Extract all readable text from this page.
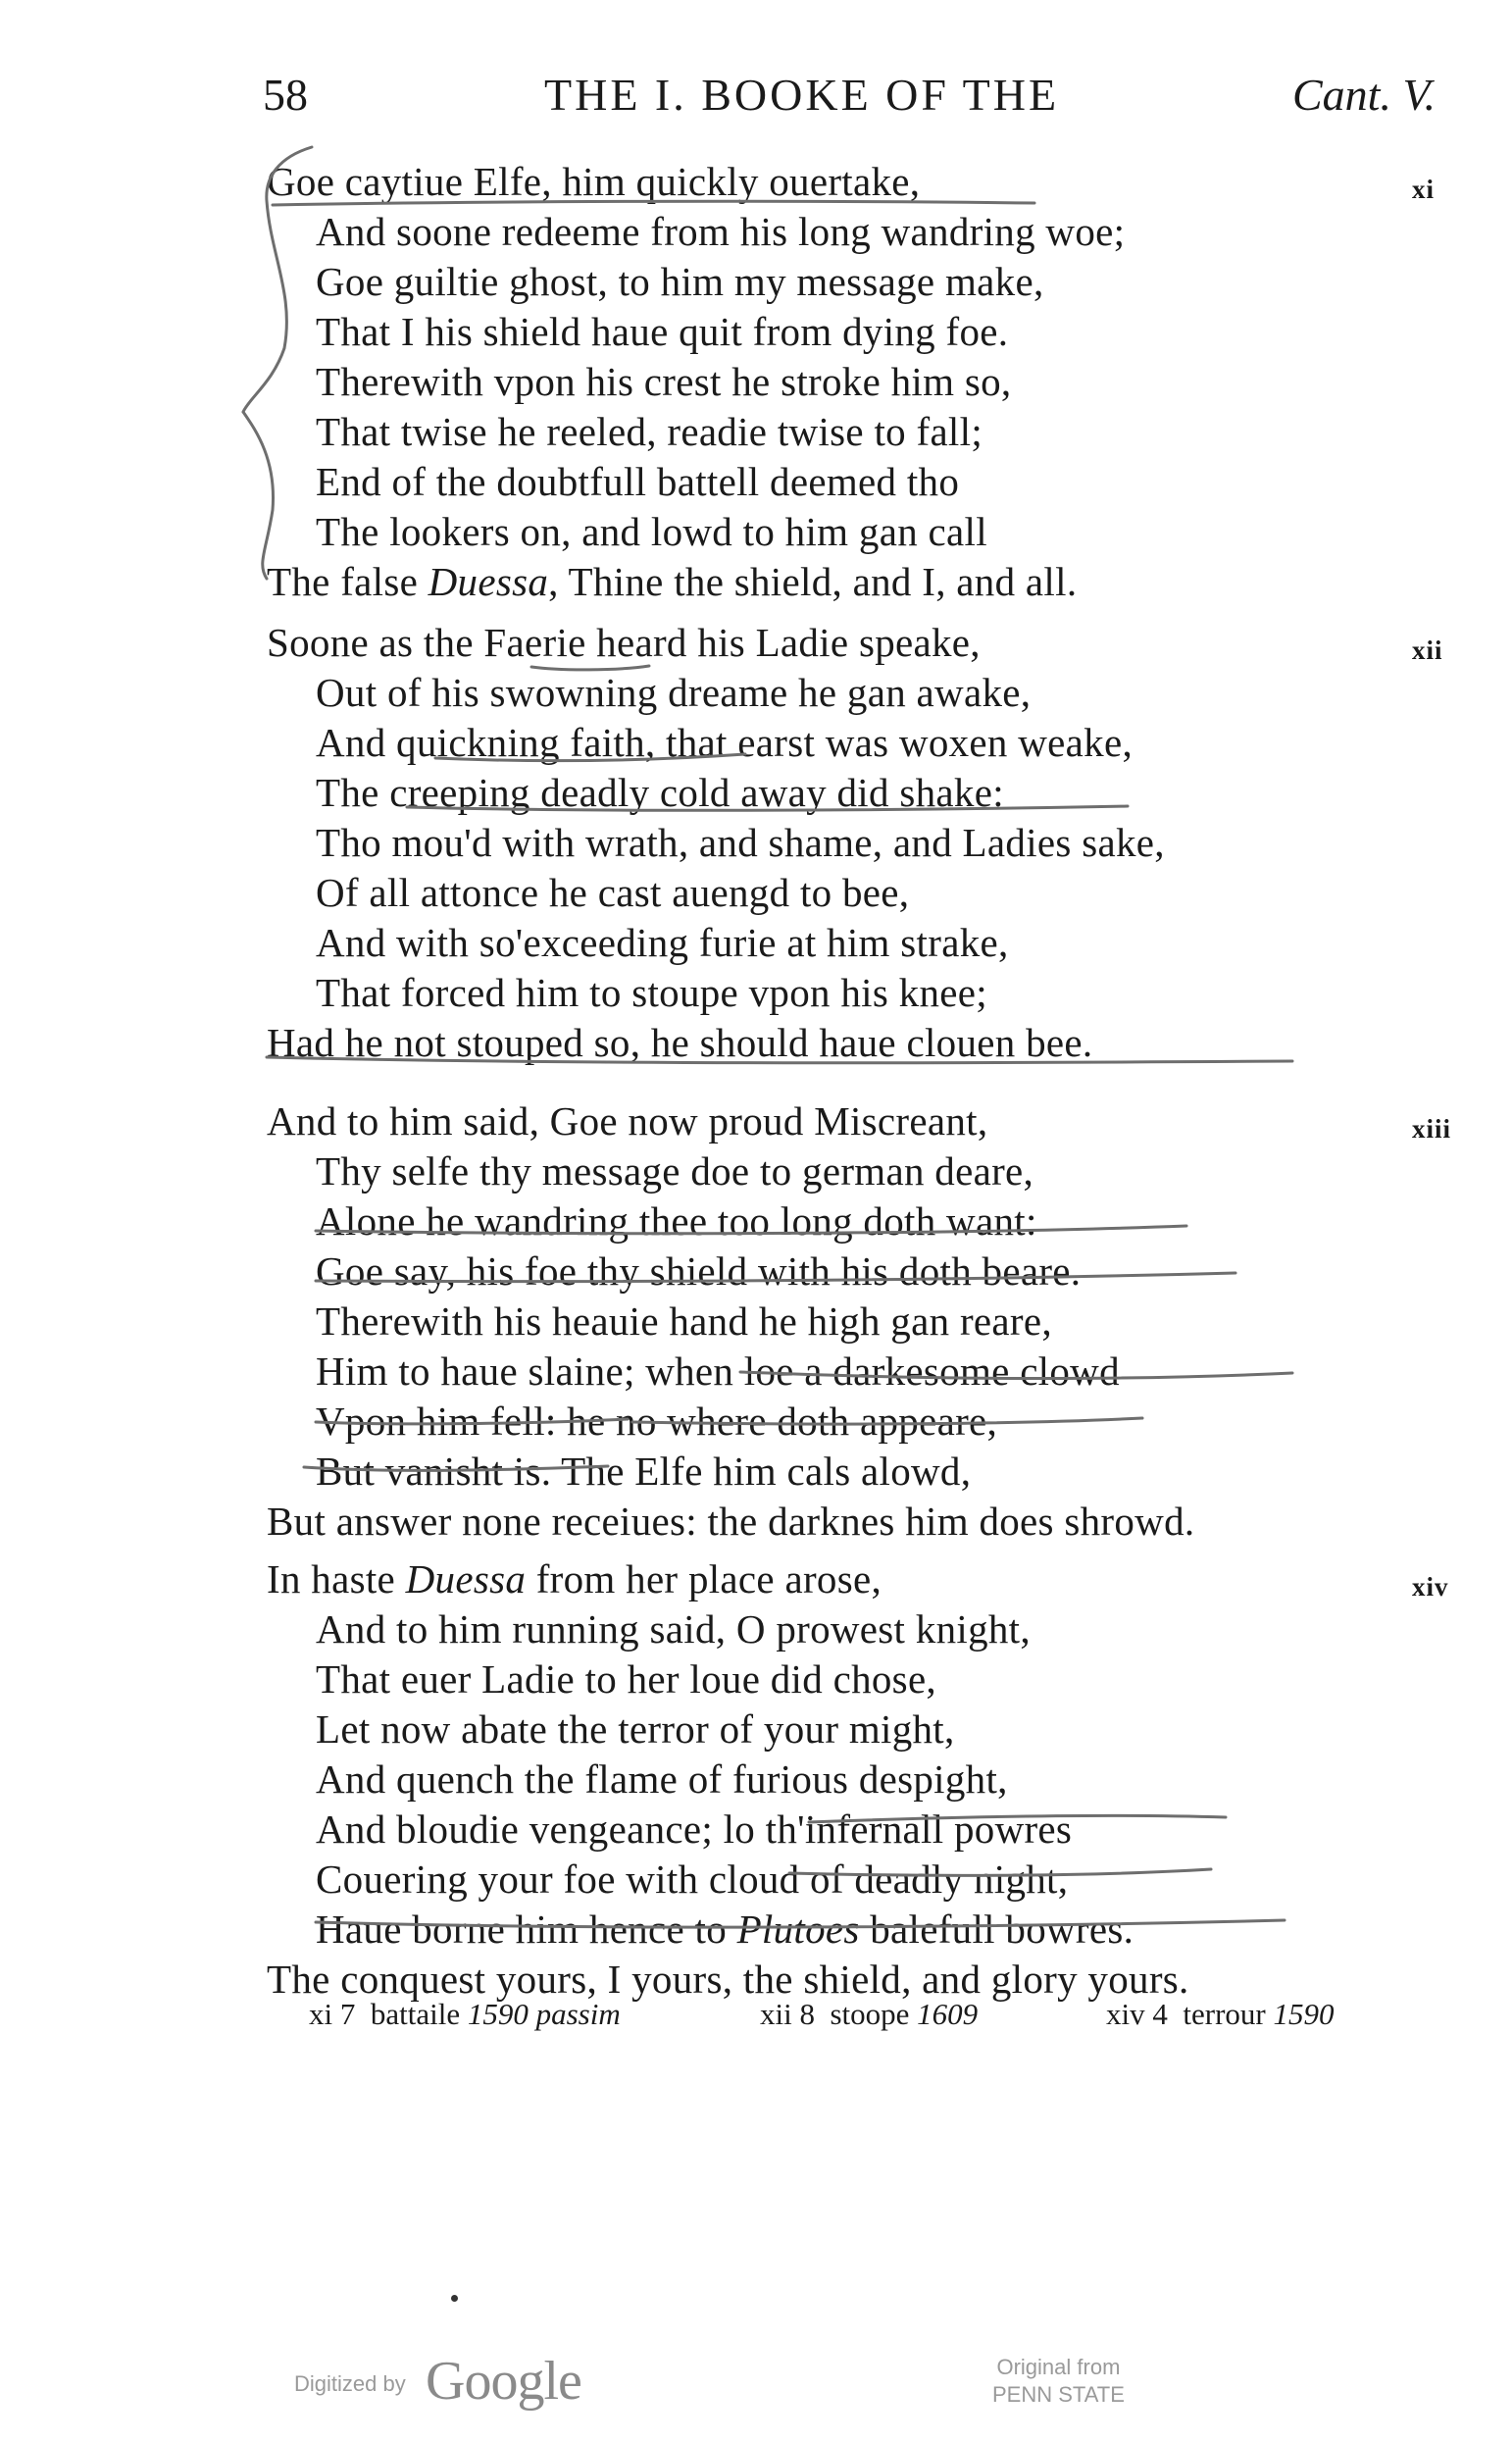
58	THE I. BOOKE OF THE	Cant. V.
xi
Goe caytiue Elfe, him quickly ouertake,
And soone redeeme from his long wandring woe;
Goe guiltie ghost, to him my message make,
That I his shield haue quit from dying foe.
Therewith vpon his crest he stroke him so,
That twise he reeled, readie twise to fall;
End of the doubtfull battell deemed tho
The lookers on, and lowd to him gan call
The false Duessa, Thine the shield, and I, and all.
xii
Soone as the Faerie heard his Ladie speake,
Out of his swowning dreame he gan awake,
And quickning faith, that earst was woxen weake,
The creeping deadly cold away did shake:
Tho mou'd with wrath, and shame, and Ladies sake,
Of all attonce he cast auengd to bee,
And with so'exceeding furie at him strake,
That forced him to stoupe vpon his knee;
Had he not stouped so, he should haue clouen bee.
xiii
And to him said, Goe now proud Miscreant,
Thy selfe thy message doe to german deare,
Alone he wandring thee too long doth want:
Goe say, his foe thy shield with his doth beare.
Therewith his heauie hand he high gan reare,
Him to haue slaine; when loe a darkesome clowd
Vpon him fell: he no where doth appeare,
But vanisht is. The Elfe him cals alowd,
But answer none receiues: the darknes him does shrowd.
xiv
In haste Duessa from her place arose,
And to him running said, O prowest knight,
That euer Ladie to her loue did chose,
Let now abate the terror of your might,
And quench the flame of furious despight,
And bloudie vengeance; lo th'infernall powres
Couering your foe with cloud of deadly night,
Haue borne him hence to Plutoes balefull bowres.
The conquest yours, I yours, the shield, and glory yours.
xi 7 battaile 1590 passim	xii 8 stoope 1609	xiv 4 terrour 1590
Digitized by Google	Original from
PENN STATE
